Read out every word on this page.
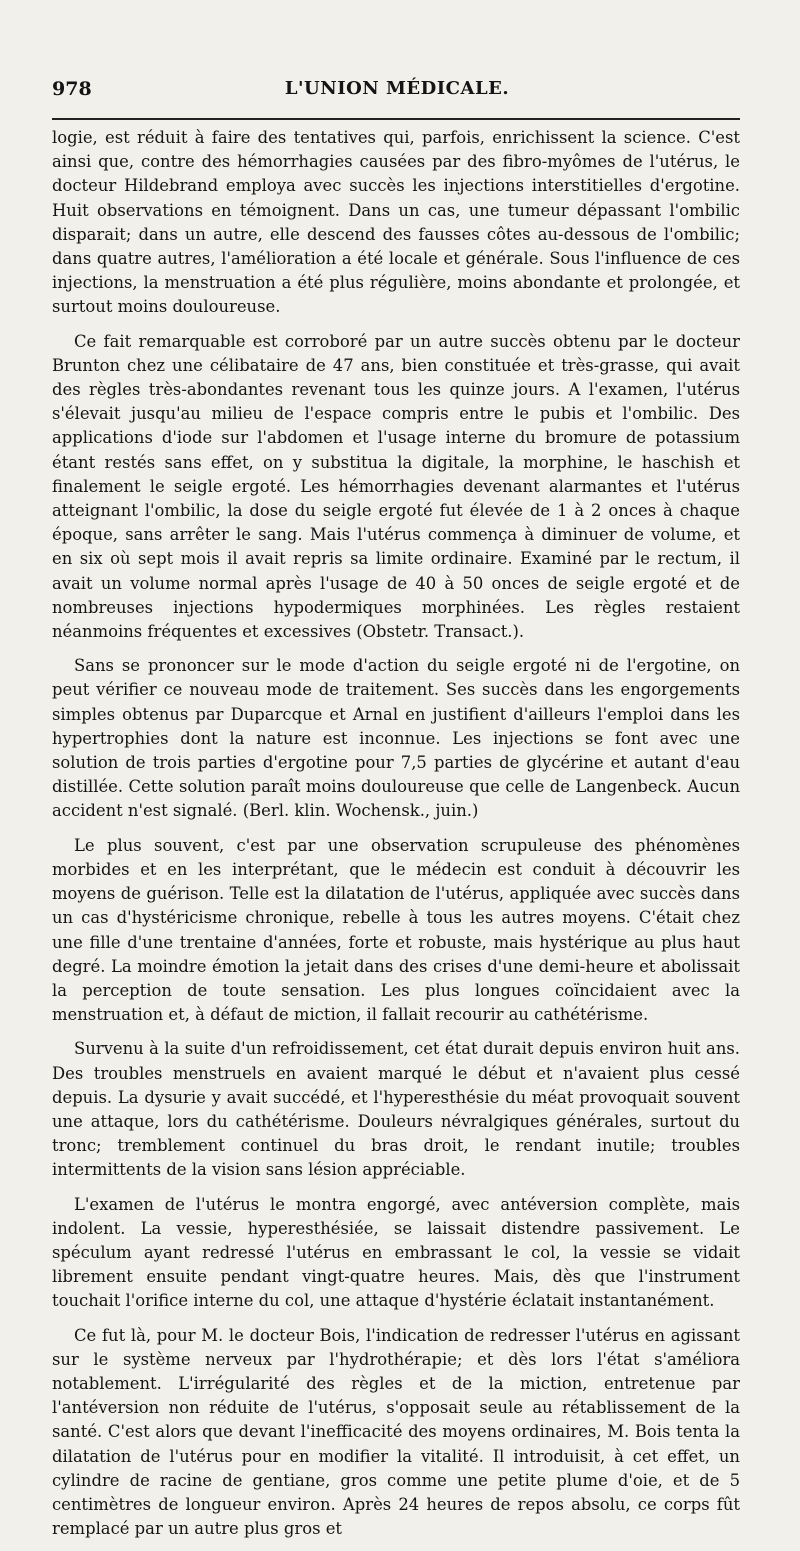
978	L'UNION MÉDICALE.

logie, est réduit à faire des tentatives qui, parfois, enrichissent la science. C'est ainsi que, contre des hémorrhagies causées par des fibro-myômes de l'utérus, le docteur Hildebrand employa avec succès les injections interstitielles d'ergotine. Huit observations en témoignent. Dans un cas, une tumeur dépassant l'ombilic disparait; dans un autre, elle descend des fausses côtes au-dessous de l'ombilic; dans quatre autres, l'amélioration a été locale et générale. Sous l'influence de ces injections, la menstruation a été plus régulière, moins abondante et prolongée, et surtout moins douloureuse.

Ce fait remarquable est corroboré par un autre succès obtenu par le docteur Brunton chez une célibataire de 47 ans, bien constituée et très-grasse, qui avait des règles très-abondantes revenant tous les quinze jours. A l'examen, l'utérus s'élevait jusqu'au milieu de l'espace compris entre le pubis et l'ombilic. Des applications d'iode sur l'abdomen et l'usage interne du bromure de potassium étant restés sans effet, on y substitua la digitale, la morphine, le haschish et finalement le seigle ergoté. Les hémorrhagies devenant alarmantes et l'utérus atteignant l'ombilic, la dose du seigle ergoté fut élevée de 1 à 2 onces à chaque époque, sans arrêter le sang. Mais l'utérus commença à diminuer de volume, et en six où sept mois il avait repris sa limite ordinaire. Examiné par le rectum, il avait un volume normal après l'usage de 40 à 50 onces de seigle ergoté et de nombreuses injections hypodermiques morphinées. Les règles restaient néanmoins fréquentes et excessives (Obstetr. Transact.).

Sans se prononcer sur le mode d'action du seigle ergoté ni de l'ergotine, on peut vérifier ce nouveau mode de traitement. Ses succès dans les engorgements simples obtenus par Duparcque et Arnal en justifient d'ailleurs l'emploi dans les hypertrophies dont la nature est inconnue. Les injections se font avec une solution de trois parties d'ergotine pour 7,5 parties de glycérine et autant d'eau distillée. Cette solution paraît moins douloureuse que celle de Langenbeck. Aucun accident n'est signalé. (Berl. klin. Wochensk., juin.)

Le plus souvent, c'est par une observation scrupuleuse des phénomènes morbides et en les interprétant, que le médecin est conduit à découvrir les moyens de guérison. Telle est la dilatation de l'utérus, appliquée avec succès dans un cas d'hystéricisme chronique, rebelle à tous les autres moyens. C'était chez une fille d'une trentaine d'années, forte et robuste, mais hystérique au plus haut degré. La moindre émotion la jetait dans des crises d'une demi-heure et abolissait la perception de toute sensation. Les plus longues coïncidaient avec la menstruation et, à défaut de miction, il fallait recourir au cathétérisme.

Survenu à la suite d'un refroidissement, cet état durait depuis environ huit ans. Des troubles menstruels en avaient marqué le début et n'avaient plus cessé depuis. La dysurie y avait succédé, et l'hyperesthésie du méat provoquait souvent une attaque, lors du cathétérisme. Douleurs névralgiques générales, surtout du tronc; tremblement continuel du bras droit, le rendant inutile; troubles intermittents de la vision sans lésion appréciable.

L'examen de l'utérus le montra engorgé, avec antéversion complète, mais indolent. La vessie, hyperesthésiée, se laissait distendre passivement. Le spéculum ayant redressé l'utérus en embrassant le col, la vessie se vidait librement ensuite pendant vingt-quatre heures. Mais, dès que l'instrument touchait l'orifice interne du col, une attaque d'hystérie éclatait instantanément.

Ce fut là, pour M. le docteur Bois, l'indication de redresser l'utérus en agissant sur le système nerveux par l'hydrothérapie; et dès lors l'état s'améliora notablement. L'irrégularité des règles et de la miction, entretenue par l'antéversion non réduite de l'utérus, s'opposait seule au rétablissement de la santé. C'est alors que devant l'inefficacité des moyens ordinaires, M. Bois tenta la dilatation de l'utérus pour en modifier la vitalité. Il introduisit, à cet effet, un cylindre de racine de gentiane, gros comme une petite plume d'oie, et de 5 centimètres de longueur environ. Après 24 heures de repos absolu, ce corps fût remplacé par un autre plus gros et
